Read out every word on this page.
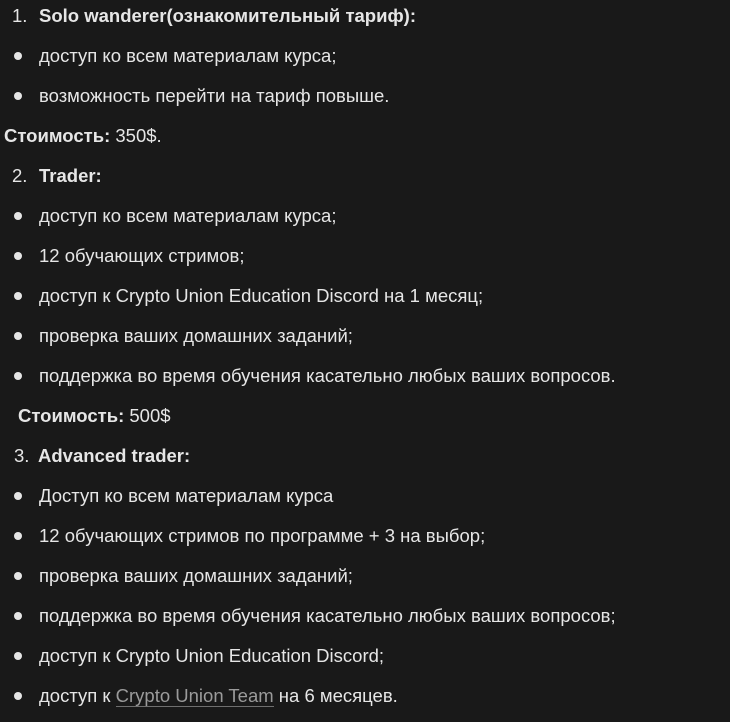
1. Solo wanderer(ознакомительный тариф):
доступ ко всем материалам курса;
возможность перейти на тариф повыше.
Стоимость: 350$.
2. Trader:
доступ ко всем материалам курса;
12 обучающих стримов;
доступ к Crypto Union Education Discord на 1 месяц;
проверка ваших домашних заданий;
поддержка во время обучения касательно любых ваших вопросов.
Стоимость: 500$
3. Advanced trader:
Доступ ко всем материалам курса
12 обучающих стримов по программе + 3 на выбор;
проверка ваших домашних заданий;
поддержка во время обучения касательно любых ваших вопросов;
доступ к Crypto Union Education Discord;
доступ к Crypto Union Team на 6 месяцев.
